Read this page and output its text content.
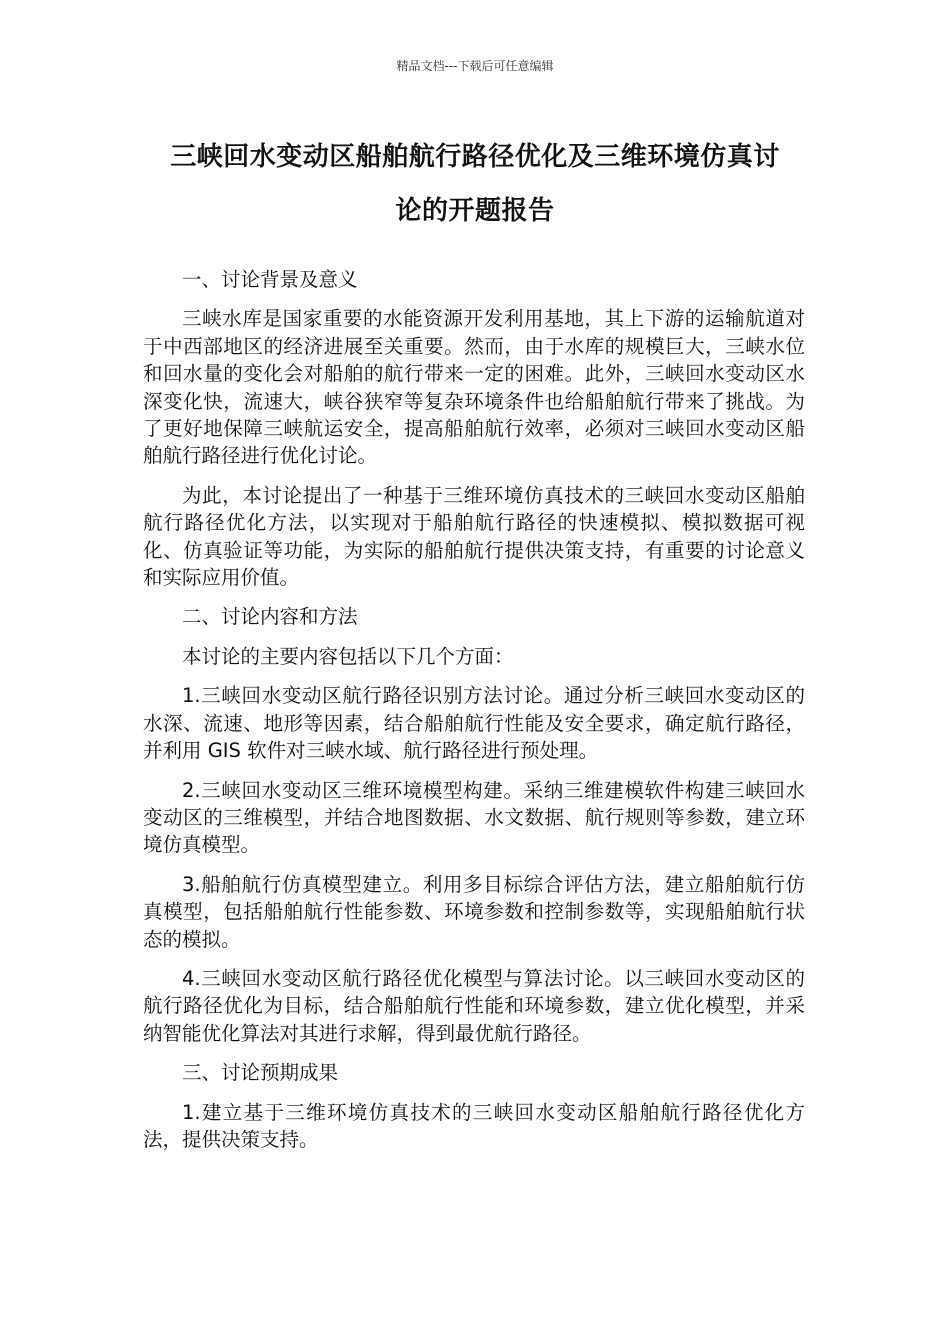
精品文档---下载后可任意编辑
三峡回水变动区船舶航行路径优化及三维环境仿真讨
论的开题报告
一、讨论背景及意义
三峡水库是国家重要的水能资源开发利用基地，其上下游的运输航道对于中西部地区的经济进展至关重要。然而，由于水库的规模巨大，三峡水位和回水量的变化会对船舶的航行带来一定的困难。此外，三峡回水变动区水深变化快，流速大，峡谷狭窄等复杂环境条件也给船舶航行带来了挑战。为了更好地保障三峡航运安全，提高船舶航行效率，必须对三峡回水变动区船舶航行路径进行优化讨论。
为此，本讨论提出了一种基于三维环境仿真技术的三峡回水变动区船舶航行路径优化方法，以实现对于船舶航行路径的快速模拟、模拟数据可视化、仿真验证等功能，为实际的船舶航行提供决策支持，有重要的讨论意义和实际应用价值。
二、讨论内容和方法
本讨论的主要内容包括以下几个方面：
1.三峡回水变动区航行路径识别方法讨论。通过分析三峡回水变动区的水深、流速、地形等因素，结合船舶航行性能及安全要求，确定航行路径，并利用 GIS 软件对三峡水域、航行路径进行预处理。
2.三峡回水变动区三维环境模型构建。采纳三维建模软件构建三峡回水变动区的三维模型，并结合地图数据、水文数据、航行规则等参数，建立环境仿真模型。
3.船舶航行仿真模型建立。利用多目标综合评估方法，建立船舶航行仿真模型，包括船舶航行性能参数、环境参数和控制参数等，实现船舶航行状态的模拟。
4.三峡回水变动区航行路径优化模型与算法讨论。以三峡回水变动区的航行路径优化为目标，结合船舶航行性能和环境参数，建立优化模型，并采纳智能优化算法对其进行求解，得到最优航行路径。
三、讨论预期成果
1.建立基于三维环境仿真技术的三峡回水变动区船舶航行路径优化方法，提供决策支持。
